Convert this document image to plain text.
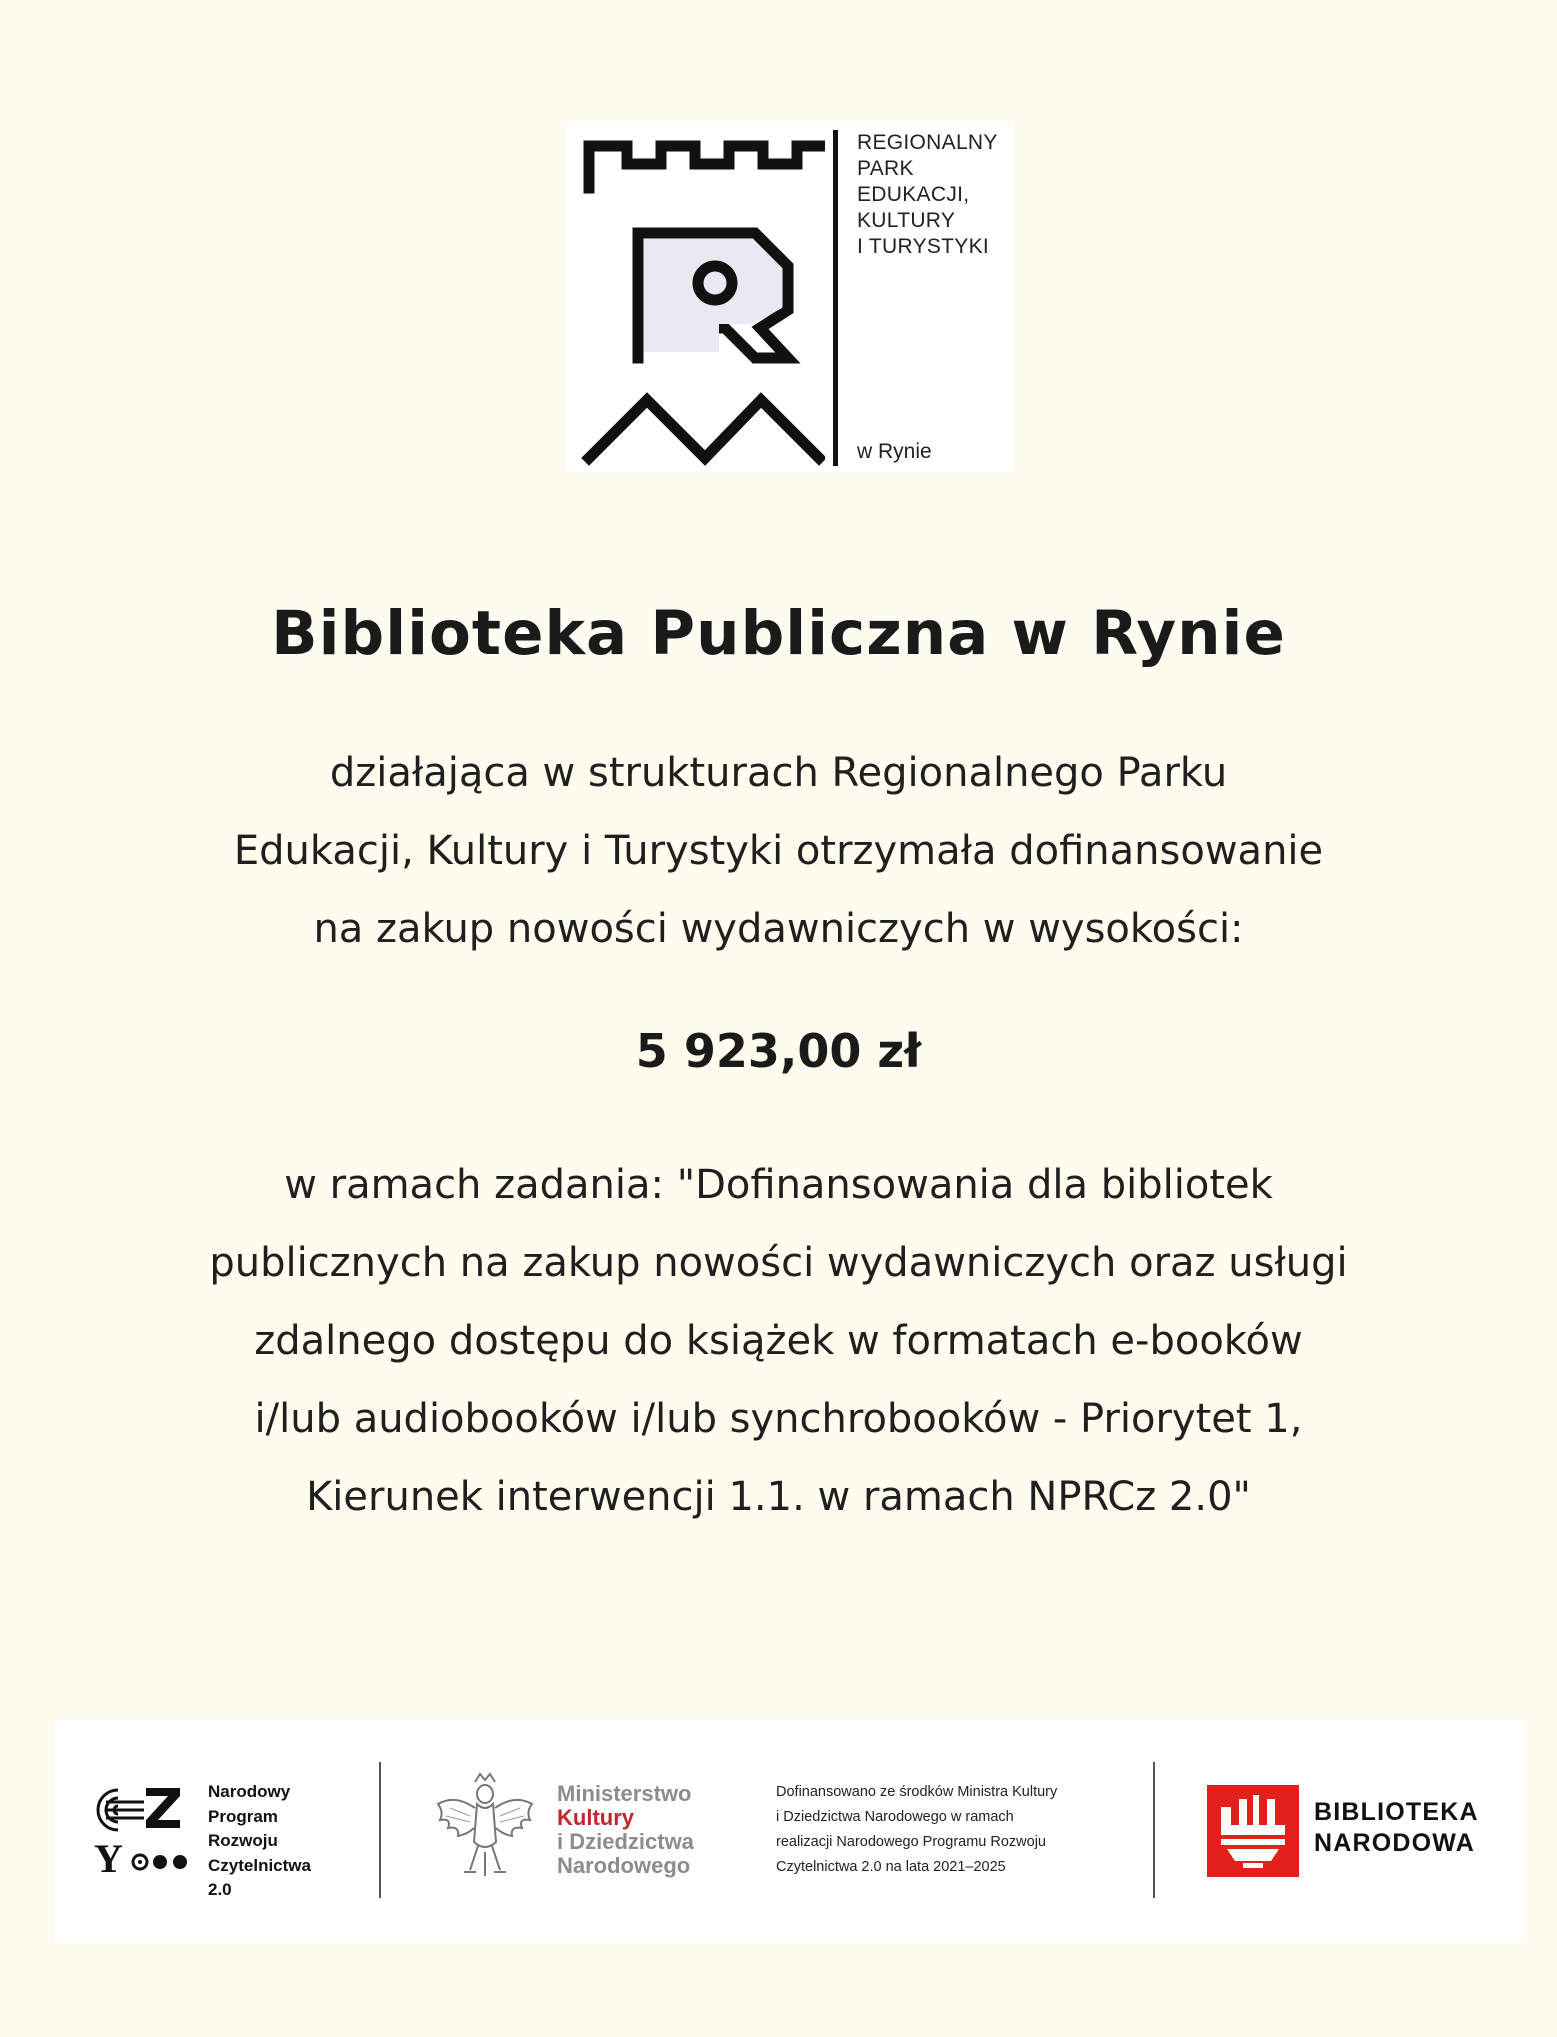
REGIONALNY
PARK
EDUKACJI,
KULTURY
I TURYSTYKI
w Rynie
Biblioteka Publiczna w Rynie
działająca w strukturach Regionalnego Parku
Edukacji, Kultury i Turystyki otrzymała dofinansowanie
na zakup nowości wydawniczych w wysokości:
5 923,00 zł
w ramach zadania: "Dofinansowania dla bibliotek
publicznych na zakup nowości wydawniczych oraz usługi
zdalnego dostępu do książek w formatach e-booków
i/lub audiobooków i/lub synchrobooków - Priorytet 1,
Kierunek interwencji 1.1. w ramach NPRCz 2.0"
Y
Narodowy
Program
Rozwoju
Czytelnictwa
2.0
Ministerstwo
Kultury
i Dziedzictwa
Narodowego
Dofinansowano ze środków Ministra Kultury
i Dziedzictwa Narodowego w ramach
realizacji Narodowego Programu Rozwoju
Czytelnictwa 2.0 na lata 2021–2025
BIBLIOTEKA
NARODOWA
